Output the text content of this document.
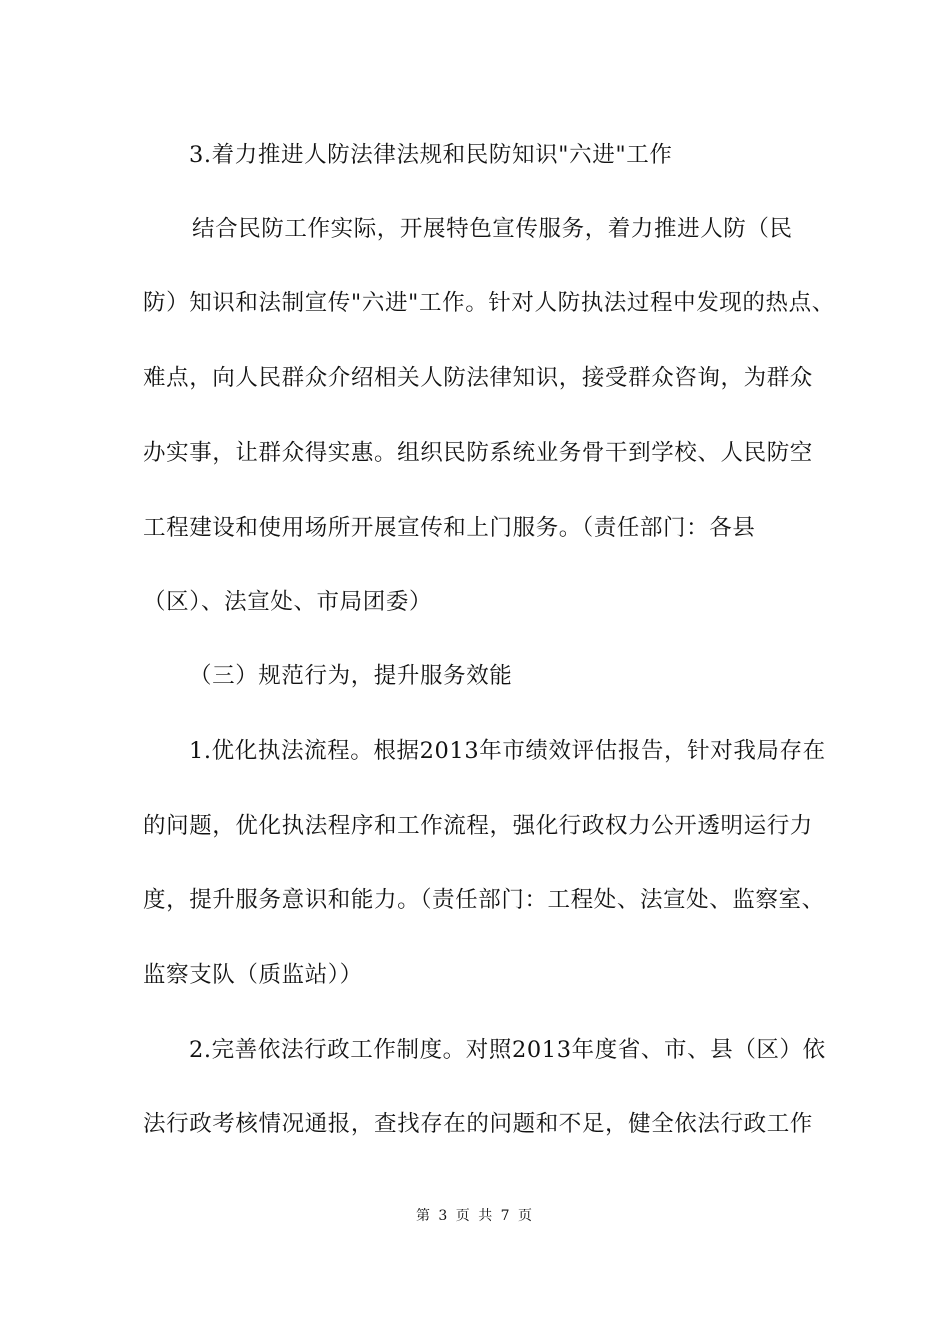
3.着力推进人防法律法规和民防知识"六进"工作
结合民防工作实际，开展特色宣传服务，着力推进人防（民
防）知识和法制宣传"六进"工作。针对人防执法过程中发现的热点、
难点，向人民群众介绍相关人防法律知识，接受群众咨询，为群众
办实事，让群众得实惠。组织民防系统业务骨干到学校、人民防空
工程建设和使用场所开展宣传和上门服务。（责任部门：各县
（区）、法宣处、市局团委）
（三）规范行为，提升服务效能
1.优化执法流程。根据2013年市绩效评估报告，针对我局存在
的问题，优化执法程序和工作流程，强化行政权力公开透明运行力
度，提升服务意识和能力。（责任部门：工程处、法宣处、监察室、
监察支队（质监站））
2.完善依法行政工作制度。对照2013年度省、市、县（区）依
法行政考核情况通报，查找存在的问题和不足，健全依法行政工作
第 3 页 共 7 页
